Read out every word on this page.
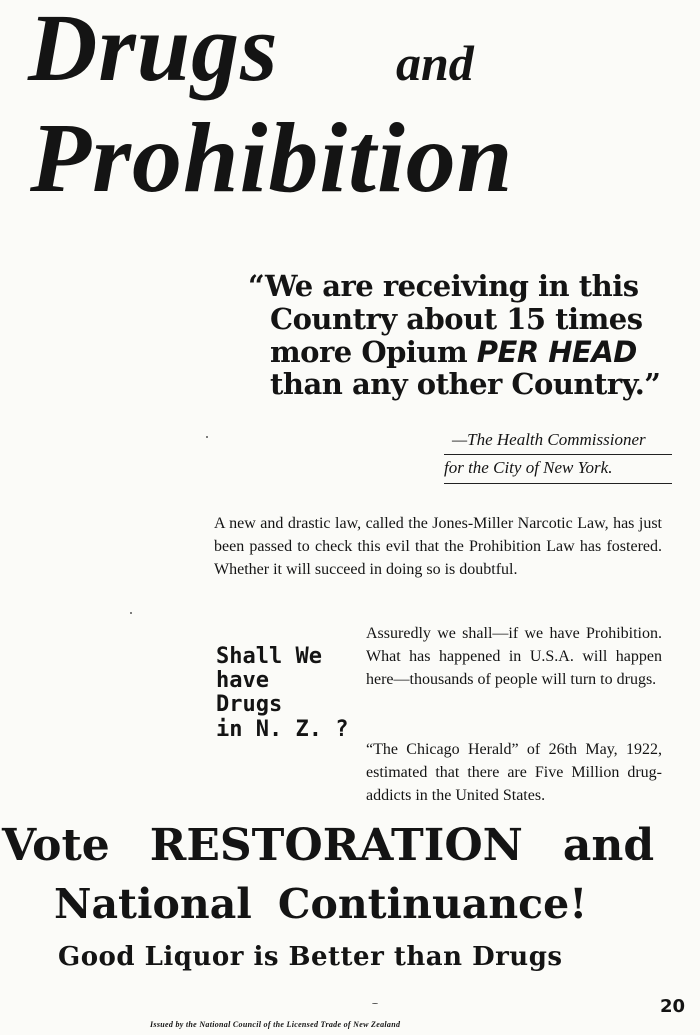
Drugs and
Prohibition
“We are receiving in this
Country about 15 times
more Opium PER HEAD
than any other Country.”
—The Health Commissioner
for the City of New York.
A new and drastic law, called the Jones-Miller Narcotic Law, has just been passed to check this evil that the Prohibition Law has fostered. Whether it will succeed in doing so is doubtful.
Shall We
have
Drugs
in N. Z. ?
Assuredly we shall—if we have Prohibition. What has happened in U.S.A. will happen here—thousands of people will turn to drugs.
“The Chicago Herald” of 26th May, 1922, estimated that there are Five Million drug-addicts in the United States.
Vote RESTORATION and
National Continuance!
Good Liquor is Better than Drugs
20
Issued by the National Council of the Licensed Trade of New Zealand
